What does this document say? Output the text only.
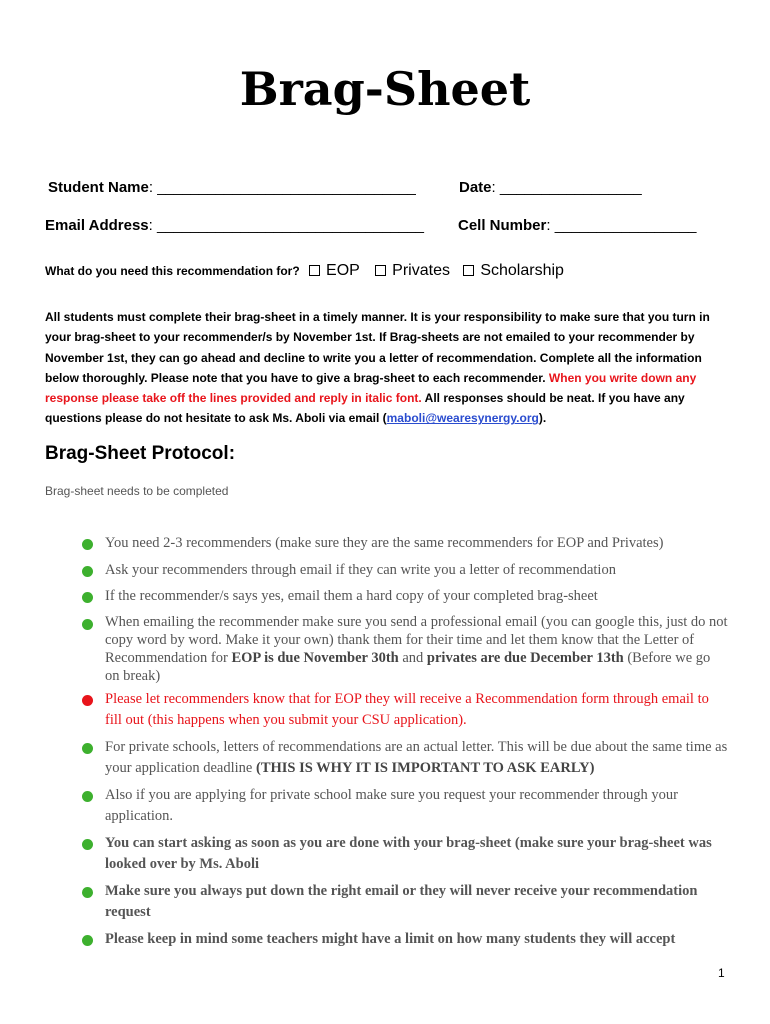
Brag-Sheet
Student Name: _______________________________	Date: _________________
Email Address: ________________________________ Cell Number: _________________
What do you need this recommendation for? EOP Privates Scholarship

All students must complete their brag-sheet in a timely manner. It is your responsibility to make sure that you turn in your brag-sheet to your recommender/s by November 1st. If Brag-sheets are not emailed to your recommender by November 1st, they can go ahead and decline to write you a letter of recommendation. Complete all the information below thoroughly. Please note that you have to give a brag-sheet to each recommender. When you write down any response please take off the lines provided and reply in italic font. All responses should be neat. If you have any questions please do not hesitate to ask Ms. Aboli via email (maboli@wearesynergy.org).

Brag-Sheet Protocol:

Brag-sheet needs to be completed

You need 2-3 recommenders (make sure they are the same recommenders for EOP and Privates)
Ask your recommenders through email if they can write you a letter of recommendation
If the recommender/s says yes, email them a hard copy of your completed brag-sheet
When emailing the recommender make sure you send a professional email (you can google this, just do not copy word by word. Make it your own) thank them for their time and let them know that the Letter of Recommendation for EOP is due November 30th and privates are due December 13th (Before we go on break)
Please let recommenders know that for EOP they will receive a Recommendation form through email to fill out (this happens when you submit your CSU application).
For private schools, letters of recommendations are an actual letter. This will be due about the same time as your application deadline (THIS IS WHY IT IS IMPORTANT TO ASK EARLY)
Also if you are applying for private school make sure you request your recommender through your application.
You can start asking as soon as you are done with your brag-sheet (make sure your brag-sheet was looked over by Ms. Aboli
Make sure you always put down the right email or they will never receive your recommendation request
Please keep in mind some teachers might have a limit on how many students they will accept
1
